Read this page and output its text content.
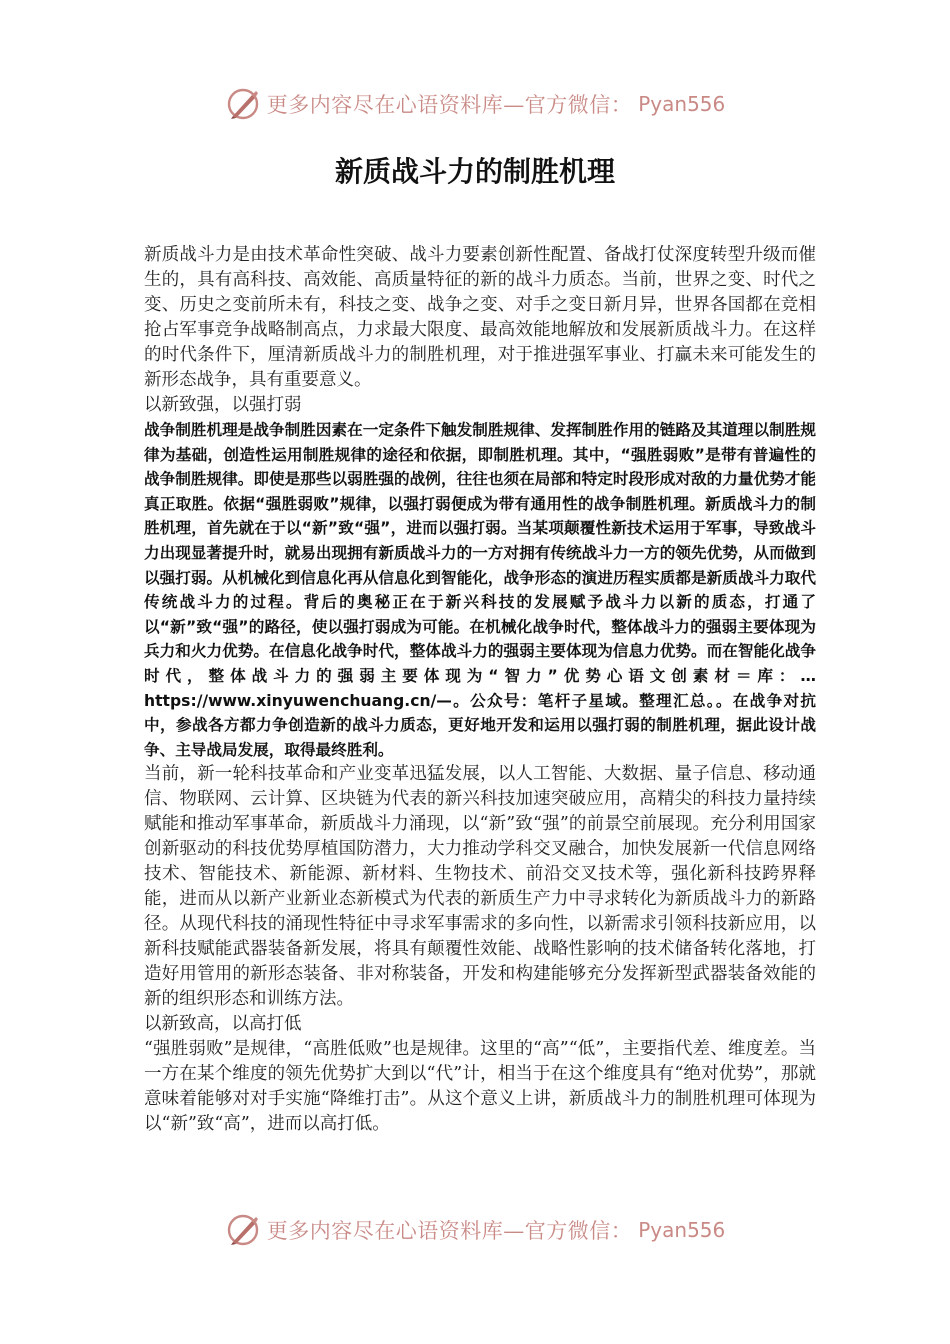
更多内容尽在心语资料库—官方微信： Pyan556
新质战斗力的制胜机理

新质战斗力是由技术革命性突破、战斗力要素创新性配置、备战打仗深度转型升级而催生的，具有高科技、高效能、高质量特征的新的战斗力质态。当前，世界之变、时代之变、历史之变前所未有，科技之变、战争之变、对手之变日新月异，世界各国都在竞相抢占军事竞争战略制高点，力求最大限度、最高效能地解放和发展新质战斗力。在这样的时代条件下，厘清新质战斗力的制胜机理，对于推进强军事业、打赢未来可能发生的新形态战争，具有重要意义。

以新致强，以强打弱

战争制胜机理是战争制胜因素在一定条件下触发制胜规律、发挥制胜作用的链路及其道理以制胜规律为基础，创造性运用制胜规律的途径和依据，即制胜机理。其中，“强胜弱败”是带有普遍性的战争制胜规律。即使是那些以弱胜强的战例，往往也须在局部和特定时段形成对敌的力量优势才能真正取胜。依据“强胜弱败”规律，以强打弱便成为带有通用性的战争制胜机理。新质战斗力的制胜机理，首先就在于以“新”致“强”，进而以强打弱。当某项颠覆性新技术运用于军事，导致战斗力出现显著提升时，就易出现拥有新质战斗力的一方对拥有传统战斗力一方的领先优势，从而做到以强打弱。从机械化到信息化再从信息化到智能化，战争形态的演进历程实质都是新质战斗力取代传统战斗力的过程。背后的奥秘正在于新兴科技的发展赋予战斗力以新的质态，打通了以“新”致“强”的路径，使以强打弱成为可能。在机械化战争时代，整体战斗力的强弱主要体现为兵力和火力优势。在信息化战争时代，整体战斗力的强弱主要体现为信息力优势。而在智能化战争时代，整体战斗力的强弱主要体现为“智力”优势心语文创素材＝库：…https://www.xinyuwenchuang.cn/—。公众号：笔杆子星域。整理汇总。。在战争对抗中，参战各方都力争创造新的战斗力质态，更好地开发和运用以强打弱的制胜机理，据此设计战争、主导战局发展，取得最终胜利。

当前，新一轮科技革命和产业变革迅猛发展，以人工智能、大数据、量子信息、移动通信、物联网、云计算、区块链为代表的新兴科技加速突破应用，高精尖的科技力量持续赋能和推动军事革命，新质战斗力涌现，以“新”致“强”的前景空前展现。充分利用国家创新驱动的科技优势厚植国防潜力，大力推动学科交叉融合，加快发展新一代信息网络技术、智能技术、新能源、新材料、生物技术、前沿交叉技术等，强化新科技跨界释能，进而从以新产业新业态新模式为代表的新质生产力中寻求转化为新质战斗力的新路径。从现代科技的涌现性特征中寻求军事需求的多向性，以新需求引领科技新应用，以新科技赋能武器装备新发展，将具有颠覆性效能、战略性影响的技术储备转化落地，打造好用管用的新形态装备、非对称装备，开发和构建能够充分发挥新型武器装备效能的新的组织形态和训练方法。

以新致高，以高打低

“强胜弱败”是规律，“高胜低败”也是规律。这里的“高”“低”，主要指代差、维度差。当一方在某个维度的领先优势扩大到以“代”计，相当于在这个维度具有“绝对优势”，那就意味着能够对对手实施“降维打击”。从这个意义上讲，新质战斗力的制胜机理可体现为以“新”致“高”，进而以高打低。

更多内容尽在心语资料库—官方微信： Pyan556
